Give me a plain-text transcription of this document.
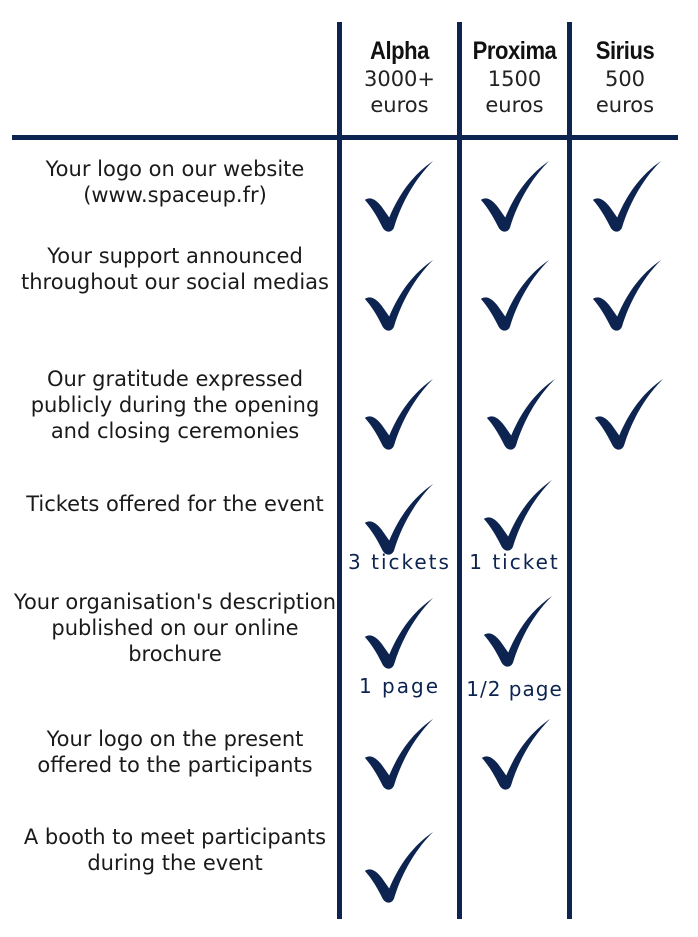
Alpha
3000+
euros
Proxima
1500
euros
Sirius
500
euros
Your logo on our website (www.spaceup.fr)
Your support announced throughout our social medias
Our gratitude expressed publicly during the opening and closing ceremonies
Tickets offered for the event
Your organisation's description published on our online brochure
Your logo on the present offered to the participants
A booth to meet participants during the event
3 tickets 1 ticket
1 page	1/2 page
